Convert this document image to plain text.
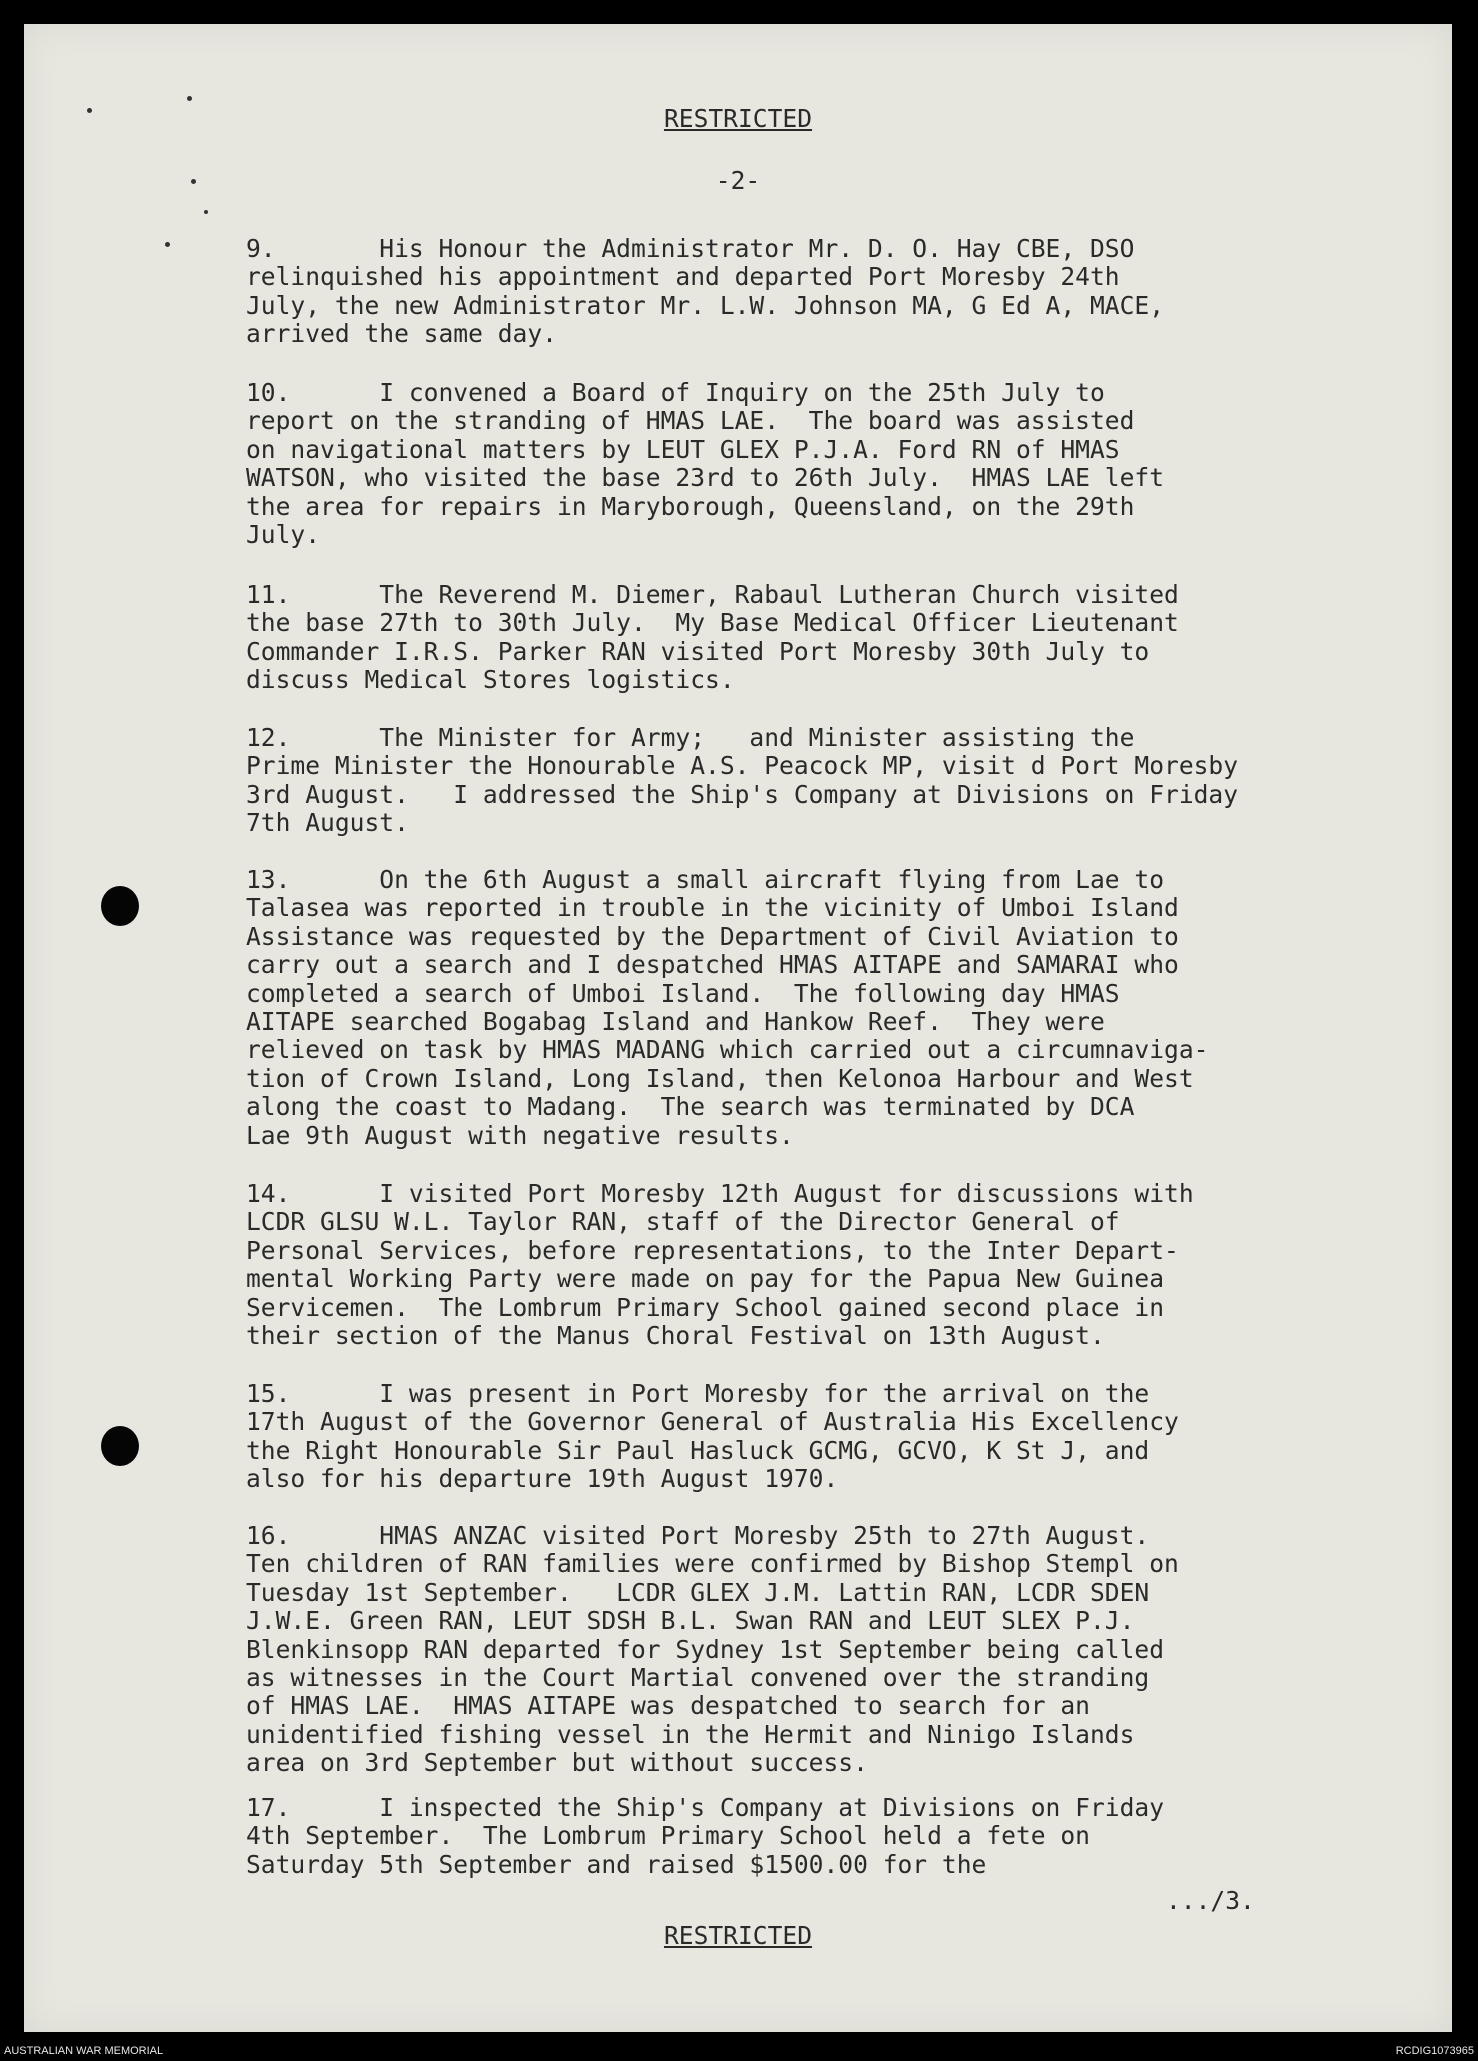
RESTRICTED
-2-
9.       His Honour the Administrator Mr. D. O. Hay CBE, DSO
relinquished his appointment and departed Port Moresby 24th
July, the new Administrator Mr. L.W. Johnson MA, G Ed A, MACE,
arrived the same day.
10.      I convened a Board of Inquiry on the 25th July to
report on the stranding of HMAS LAE.  The board was assisted
on navigational matters by LEUT GLEX P.J.A. Ford RN of HMAS
WATSON, who visited the base 23rd to 26th July.  HMAS LAE left
the area for repairs in Maryborough, Queensland, on the 29th
July.
11.      The Reverend M. Diemer, Rabaul Lutheran Church visited
the base 27th to 30th July.  My Base Medical Officer Lieutenant
Commander I.R.S. Parker RAN visited Port Moresby 30th July to
discuss Medical Stores logistics.
12.      The Minister for Army;   and Minister assisting the
Prime Minister the Honourable A.S. Peacock MP, visit d Port Moresby
3rd August.   I addressed the Ship's Company at Divisions on Friday
7th August.
13.      On the 6th August a small aircraft flying from Lae to
Talasea was reported in trouble in the vicinity of Umboi Island
Assistance was requested by the Department of Civil Aviation to
carry out a search and I despatched HMAS AITAPE and SAMARAI who
completed a search of Umboi Island.  The following day HMAS
AITAPE searched Bogabag Island and Hankow Reef.  They were
relieved on task by HMAS MADANG which carried out a circumnaviga-
tion of Crown Island, Long Island, then Kelonoa Harbour and West
along the coast to Madang.  The search was terminated by DCA
Lae 9th August with negative results.
14.      I visited Port Moresby 12th August for discussions with
LCDR GLSU W.L. Taylor RAN, staff of the Director General of
Personal Services, before representations, to the Inter Depart-
mental Working Party were made on pay for the Papua New Guinea
Servicemen.  The Lombrum Primary School gained second place in
their section of the Manus Choral Festival on 13th August.
15.      I was present in Port Moresby for the arrival on the
17th August of the Governor General of Australia His Excellency
the Right Honourable Sir Paul Hasluck GCMG, GCVO, K St J, and
also for his departure 19th August 1970.
16.      HMAS ANZAC visited Port Moresby 25th to 27th August.
Ten children of RAN families were confirmed by Bishop Stempl on
Tuesday 1st September.   LCDR GLEX J.M. Lattin RAN, LCDR SDEN
J.W.E. Green RAN, LEUT SDSH B.L. Swan RAN and LEUT SLEX P.J.
Blenkinsopp RAN departed for Sydney 1st September being called
as witnesses in the Court Martial convened over the stranding
of HMAS LAE.  HMAS AITAPE was despatched to search for an
unidentified fishing vessel in the Hermit and Ninigo Islands
area on 3rd September but without success.
17.      I inspected the Ship's Company at Divisions on Friday
4th September.  The Lombrum Primary School held a fete on
Saturday 5th September and raised $1500.00 for the
.../3.
RESTRICTED
AUSTRALIAN WAR MEMORIAL	RCDIG1073965
